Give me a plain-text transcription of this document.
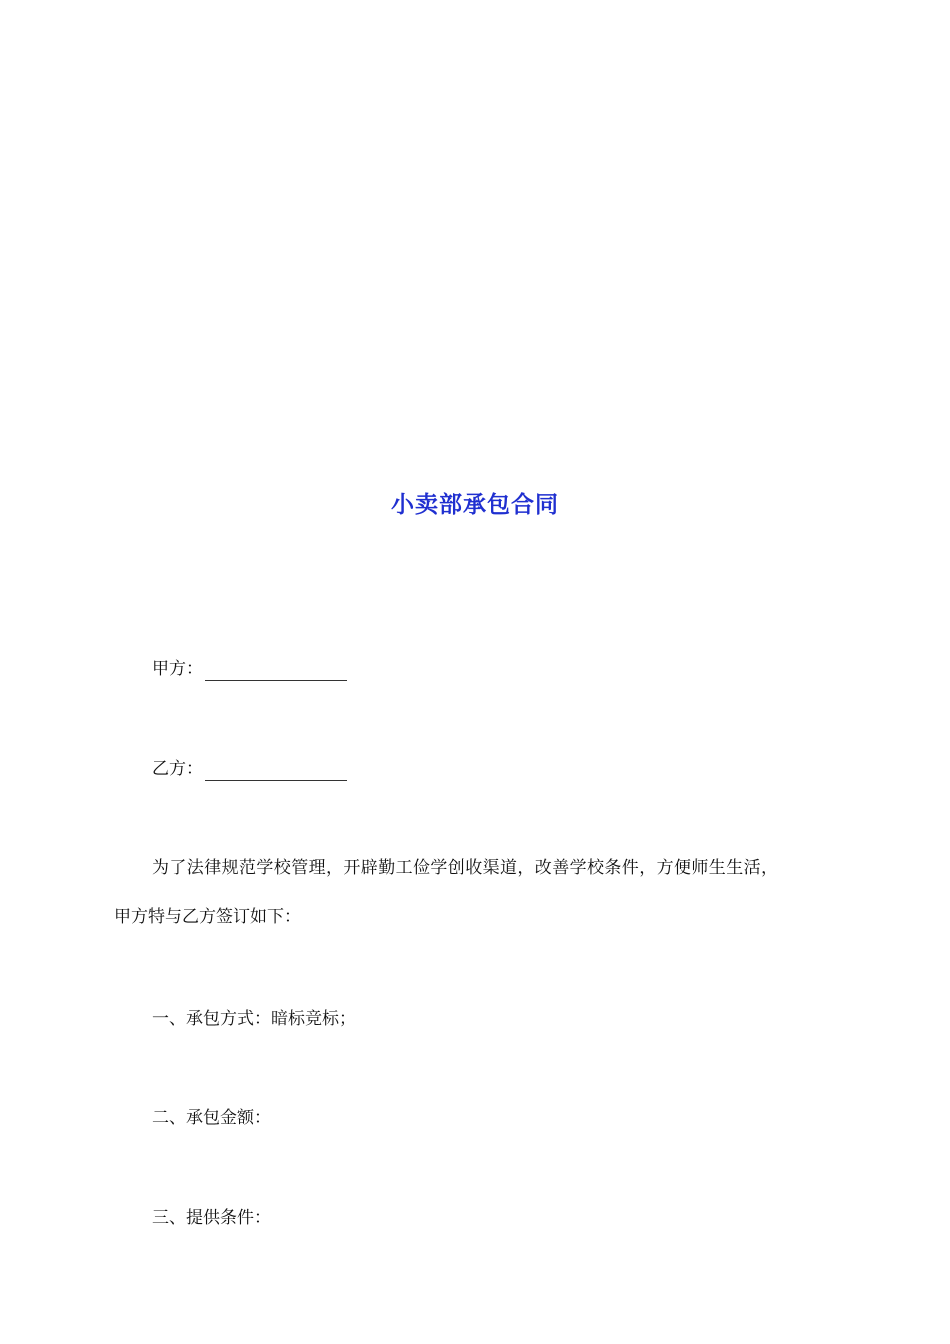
小卖部承包合同
甲方：
乙方：
为了法律规范学校管理，开辟勤工俭学创收渠道，改善学校条件，方便师生生活，
甲方特与乙方签订如下：
一、承包方式：暗标竞标；
二、承包金额：
三、提供条件：
